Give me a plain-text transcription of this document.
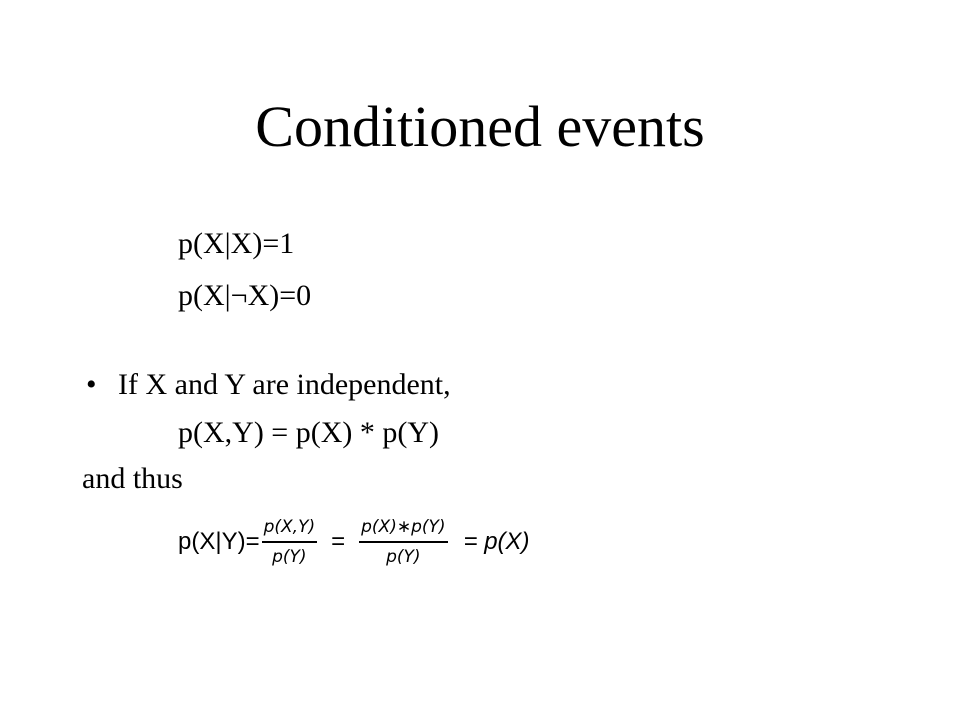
Conditioned events
p(X|X)=1
p(X|¬X)=0
• If X and Y are independent,
p(X,Y) = p(X) * p(Y)
and thus
$p(X|Y)= \frac{p(X,Y)}{p(Y)} = \frac{p(X)∗p(Y)}{p(Y)} = p(X)$
